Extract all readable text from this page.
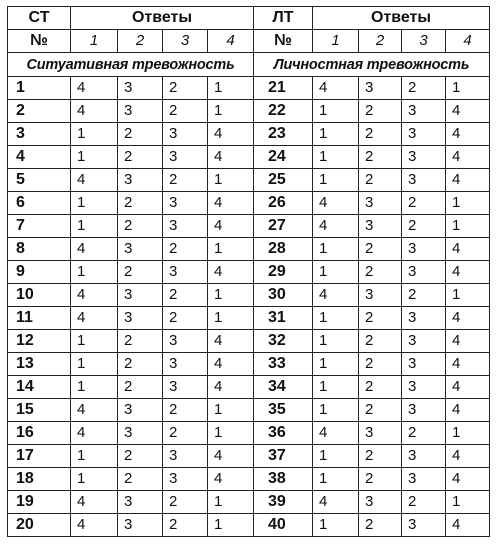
СТ	Ответы				ЛТ	Ответы			
№	1	2	3	4	№	1	2	3	4
Ситуативная тревожность					Личностная тревожность				
1	4	3	2	1	21	4	3	2	1
2	4	3	2	1	22	1	2	3	4
3	1	2	3	4	23	1	2	3	4
4	1	2	3	4	24	1	2	3	4
5	4	3	2	1	25	1	2	3	4
6	1	2	3	4	26	4	3	2	1
7	1	2	3	4	27	4	3	2	1
8	4	3	2	1	28	1	2	3	4
9	1	2	3	4	29	1	2	3	4
10	4	3	2	1	30	4	3	2	1
11	4	3	2	1	31	1	2	3	4
12	1	2	3	4	32	1	2	3	4
13	1	2	3	4	33	1	2	3	4
14	1	2	3	4	34	1	2	3	4
15	4	3	2	1	35	1	2	3	4
16	4	3	2	1	36	4	3	2	1
17	1	2	3	4	37	1	2	3	4
18	1	2	3	4	38	1	2	3	4
19	4	3	2	1	39	4	3	2	1
20	4	3	2	1	40	1	2	3	4
